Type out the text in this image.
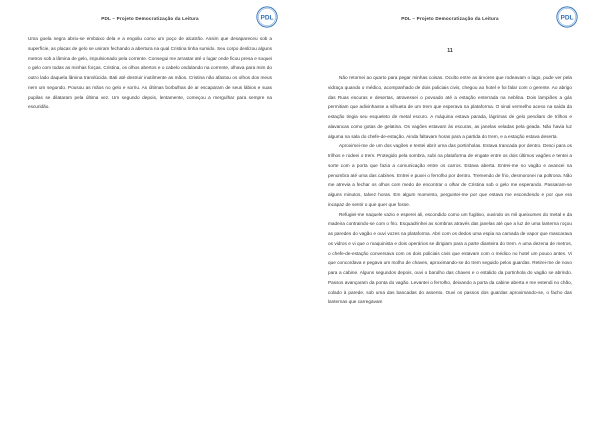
PDL – Projeto Democratização da Leitura	PDL

Uma goela negra abriu-se embaixo dela e a engoliu como um poço de alcatrão. Assim que desapareceu sob a superfície, as placas de gelo se uniram fechando a abertura na qual Cristina tinha sumido. Seu corpo deslizou alguns metros sob a lâmina de gelo, impulsionado pela corrente. Consegui me arrastar até o lugar onde ficou presa e soquei o gelo com todas as minhas forças. Cristina, os olhos abertos e o cabelo ondulando na corrente, olhava para mim do outro lado daquela lâmina translúcida. Bati até destruir inutilmente as mãos. Cristina não afastou os olhos dos meus nem um segundo. Pousou as mãos no gelo e sorriu. As últimas borbulhas de ar escaparam de seus lábios e suas pupilas se dilataram pela última vez. Um segundo depois, lentamente, começou a mergulhar para sempre na escuridão.

PDL – Projeto Democratização da Leitura	PDL
11

Não retornei ao quarto para pegar minhas coisas. Oculto entre as árvores que rodeavam o lago, pude ver pela vidraça quando o médico, acompanhado de dois policiais civis, chegou ao hotel e foi falar com o gerente. Ao abrigo das Ruas escuras e desertas, atravessei o povoado até a estação enterrada na neblina. Dois lampiões a gás permitiam que adivinhasse a silhueta de um trem que esperava na plataforma. O sinal vermelho aceso na saída da estação tingia seu esqueleto de metal escuro. A máquina estava parada, lágrimas de gelo pendiam de trilhos e alavancas como gotas de gelatina. Os vagões estavam às escuras, as janelas veladas pela geada. Não havia luz alguma na sala do chefe-de-estação. Ainda faltavam horas para a partida do trem, e a estação estava deserta.

Aproximei-me de um dos vagões e tentei abrir uma das portinholas. Estava trancada por dentro. Desci para os trilhos e rodeei o trem. Protegido pela sombra, subi na plataforma de engate entre os dois últimos vagões e tentei a sorte com a porta que fazia a comunicação entre os carros. Estava aberta. Entrei-me no vagão e avancei na penumbra até uma das cabines. Entrei e puxei o ferrolho por dentro. Tremendo de frio, desmoronei na poltrona. Não me atrevia a fechar os olhos com medo de encontrar o olhar de Cristina sob o gelo me esperando. Passaram-se alguns minutos, talvez horas. Em algum momento, perguntei-me por que estava me escondendo e por que era incapaz de sentir o que quer que fosse.

Refugiei-me naquele vazio e esperei ali, escondido como um fugitivo, ouvindo os mil queixumes do metal e da madeira contraindo-se com o frio. Esquadrinhei as sombras através das janelas até que a luz de uma lanterna roçou as paredes do vagão e ouvi vozes na plataforma. Abri com os dedos uma espia na camada de vapor que mascarava os vidros e vi que o maquinista e dois operários se dirigiam para a parte dianteira do trem. A uma dezena de metros, o chefe-de-estação conversava com os dois policiais civis que estavam com o médico no hotel um pouco antes. Vi que concordava e pegava um molho de chaves, aproximando-se do trem seguido pelos guardas. Retirei-me de novo para a cabine. Alguns segundos depois, ouvi o barulho das chaves e o estalido da portinhola do vagão se abrindo. Passos avançaram da ponta do vagão. Levantei o ferrolho, deixando a porta da cabine aberta e me estendi no chão, colado à parede, sob uma das bancadas do assento. Ouvi os passos dos guardas aproximando-se, o facho das lanternas que carregavam
